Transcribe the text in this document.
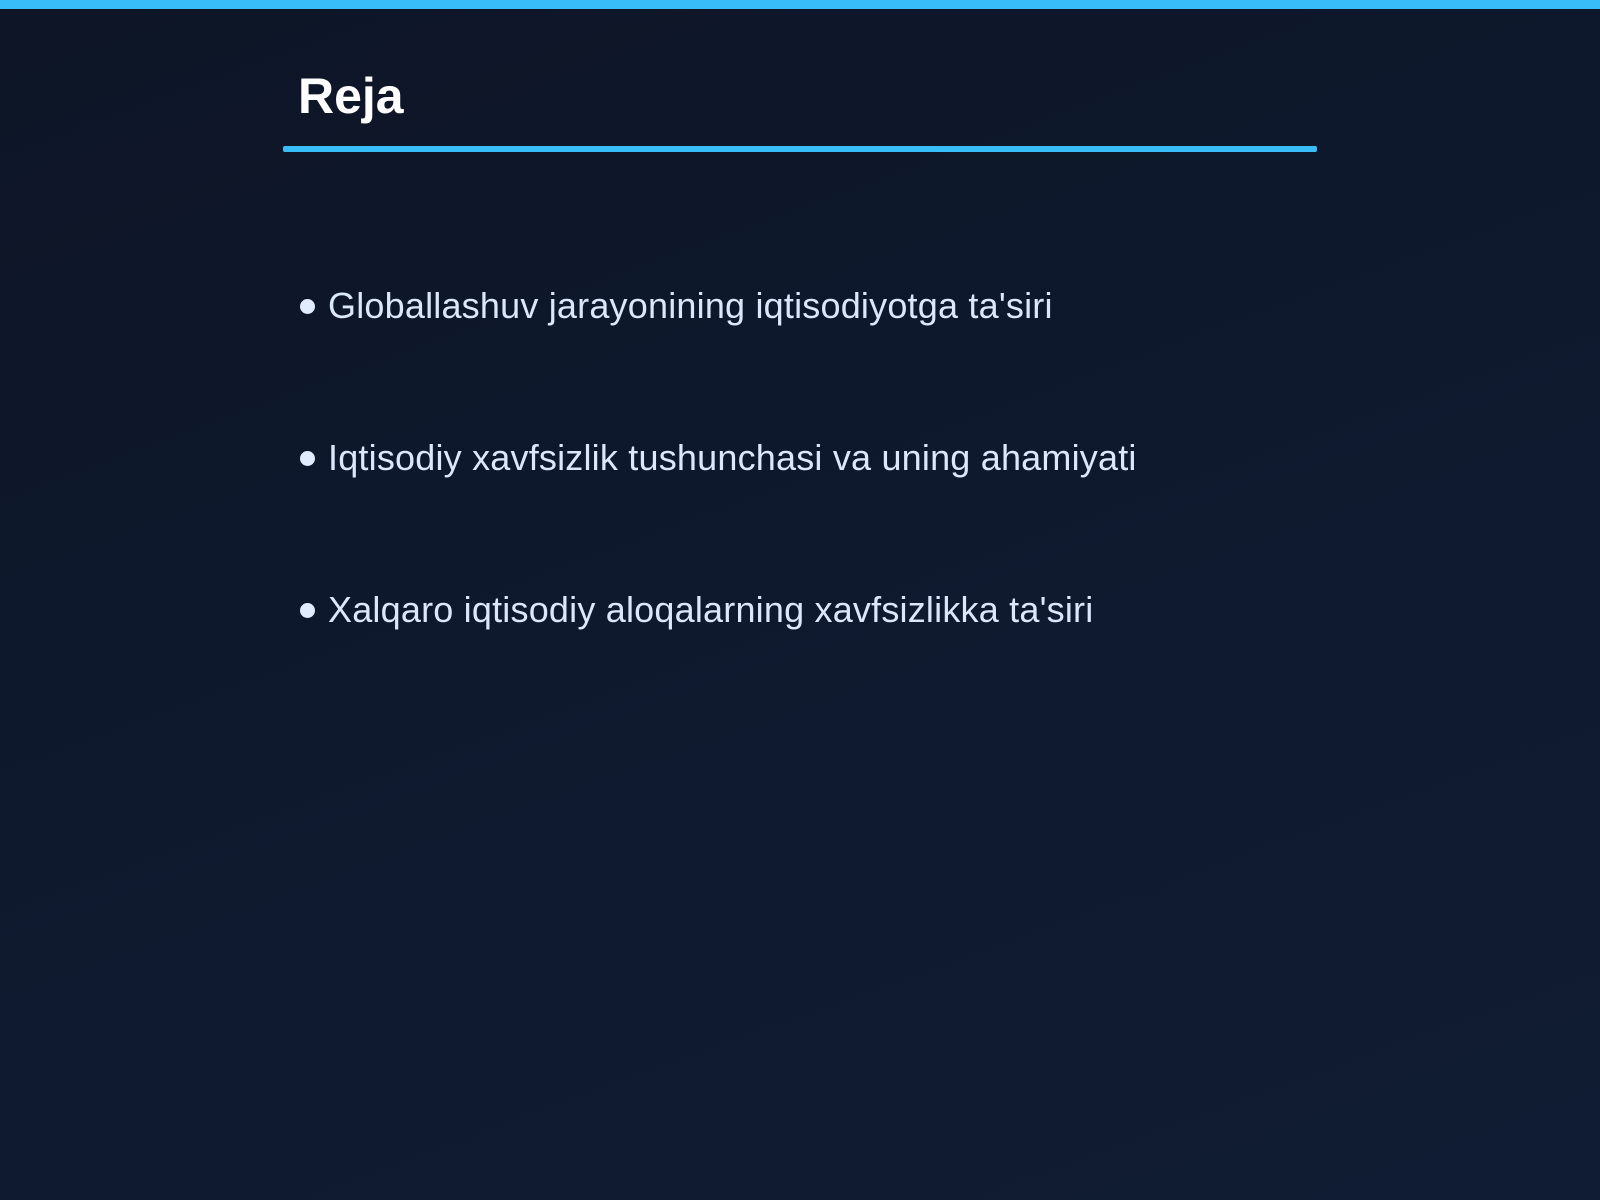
Reja
Globallashuv jarayonining iqtisodiyotga ta'siri
Iqtisodiy xavfsizlik tushunchasi va uning ahamiyati
Xalqaro iqtisodiy aloqalarning xavfsizlikka ta'siri
